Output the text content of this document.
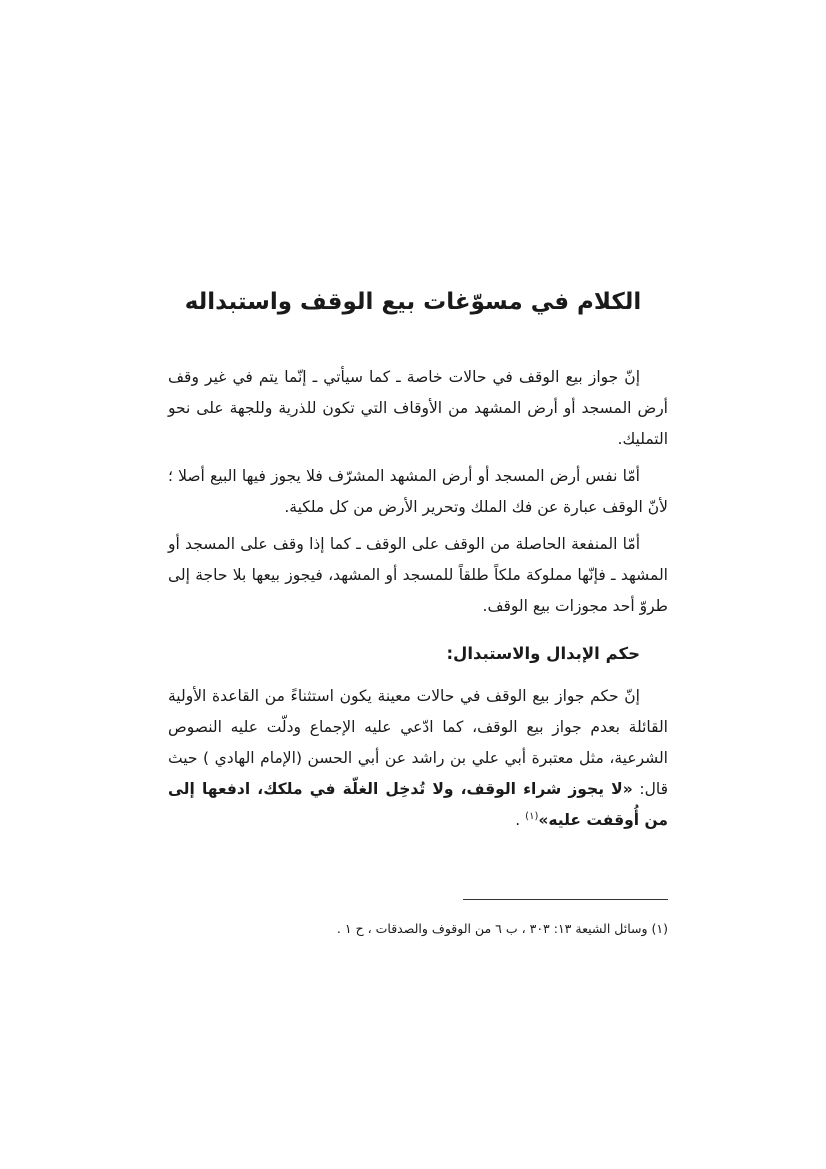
الكلام في مسوّغات بيع الوقف واستبداله

إنّ جواز بيع الوقف في حالات خاصة ـ كما سيأتي ـ إنّما يتم في غير وقف أرض المسجد أو أرض المشهد من الأوقاف التي تكون للذرية وللجهة على نحو التمليك.

أمّا نفس أرض المسجد أو أرض المشهد المشرّف فلا يجوز فيها البيع أصلا ؛ لأنّ الوقف عبارة عن فك الملك وتحرير الأرض من كل ملكية.

أمّا المنفعة الحاصلة من الوقف على الوقف ـ كما إذا وقف على المسجد أو المشهد ـ فإنّها مملوكة ملكاً طلقاً للمسجد أو المشهد، فيجوز بيعها بلا حاجة إلى طروّ أحد مجوزات بيع الوقف.

حكم الإبدال والاستبدال:

إنّ حكم جواز بيع الوقف في حالات معينة يكون استثناءً من القاعدة الأولية القائلة بعدم جواز بيع الوقف، كما ادّعي عليه الإجماع ودلّت عليه النصوص الشرعية، مثل معتبرة أبي علي بن راشد عن أبي الحسن (الإمام الهادي ) حيث قال: «لا يجوز شراء الوقف، ولا تُدخِل الغلّة في ملكك، ادفعها إلى من أُوقفت عليه»$^{(١)}$ .

(١) وسائل الشيعة ١٣: ٣٠٣ ، ب ٦ من الوقوف والصدقات ، ح ١ .
